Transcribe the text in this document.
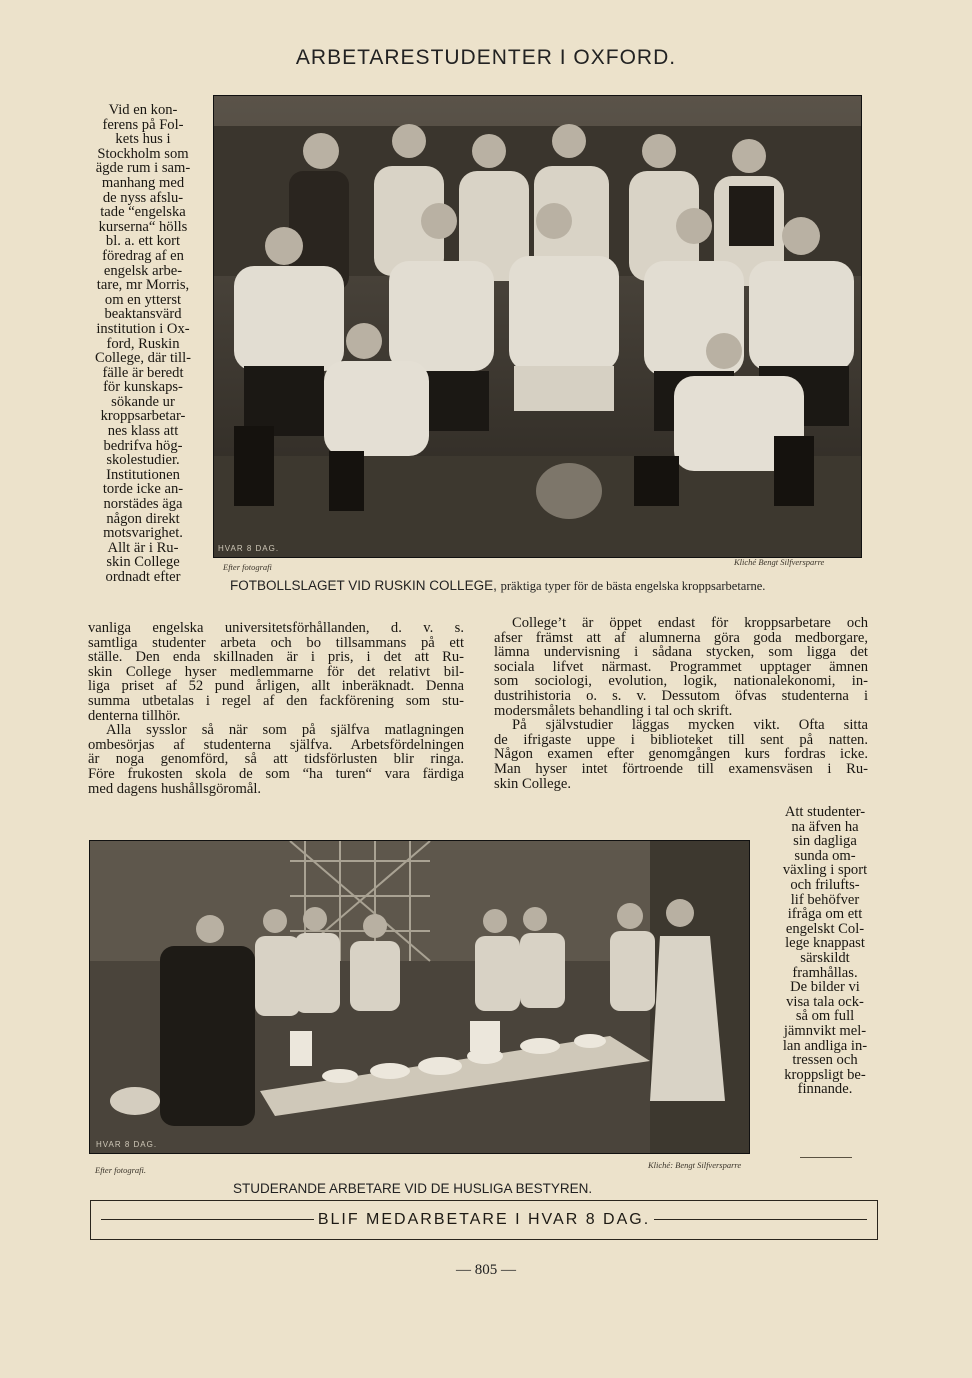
ARBETARESTUDENTER I OXFORD.

Vid en kon-

ferens på Fol-

kets hus i

Stockholm som

ägde rum i sam-

manhang med

de nyss afslu-

tade “engelska

kurserna“ hölls

bl. a. ett kort

föredrag af en

engelsk arbe-

tare, mr Morris,

om en ytterst

beaktansvärd

institution i Ox-

ford, Ruskin

College, där till-

fälle är beredt

för kunskaps-

sökande ur

kroppsarbetar-

nes klass att

bedrifva hög-

skolestudier.

Institutionen

torde icke an-

norstädes äga

någon direkt

motsvarighet.

Allt är i Ru-

skin College

ordnadt efter

vanliga engelska universitetsförhållanden, d. v. s.

samtliga studenter arbeta och bo tillsammans på ett

ställe. Den enda skillnaden är i pris, i det att Ru-

skin College hyser medlemmarne för det relativt bil-

liga priset af 52 pund årligen, allt inberäknadt. Denna

summa utbetalas i regel af den fackförening som stu-

denterna tillhör.

Alla sysslor så när som på själfva matlagningen

ombesörjas af studenterna själfva. Arbetsfördelningen

är noga genomförd, så att tidsförlusten blir ringa.

Före frukosten skola de som “ha turen“ vara färdiga

med dagens hushållsgöromål.

College’t är öppet endast för kroppsarbetare och

afser främst att af alumnerna göra goda medborgare,

lämna undervisning i sådana stycken, som ligga det

sociala lifvet närmast. Programmet upptager ämnen

som sociologi, evolution, logik, nationalekonomi, in-

dustrihistoria o. s. v. Dessutom öfvas studenterna i

modersmålets behandling i tal och skrift.

På självstudier läggas mycken vikt. Ofta sitta

de ifrigaste uppe i biblioteket till sent på natten.

Någon examen efter genomgången kurs fordras icke.

Man hyser intet förtroende till examensväsen i Ru-

skin College.

Att studenter-

na äfven ha

sin dagliga

sunda om-

växling i sport

och frilufts-

lif behöfver

ifråga om ett

engelskt Col-

lege knappast

särskildt

framhållas.

De bilder vi

visa tala ock-

så om full

jämnvikt mel-

lan andliga in-

tressen och

kroppsligt be-

finnande.

HVAR 8 DAG.
Efter fotografi	Kliché Bengt Silfversparre
FOTBOLLSLAGET VID RUSKIN COLLEGE, präktiga typer för de bästa engelska kroppsarbetarne.
HVAR 8 DAG.
Efter fotografi.	Kliché: Bengt Silfversparre
STUDERANDE ARBETARE VID DE HUSLIGA BESTYREN.
BLIF MEDARBETARE I HVAR 8 DAG.
— 805 —
